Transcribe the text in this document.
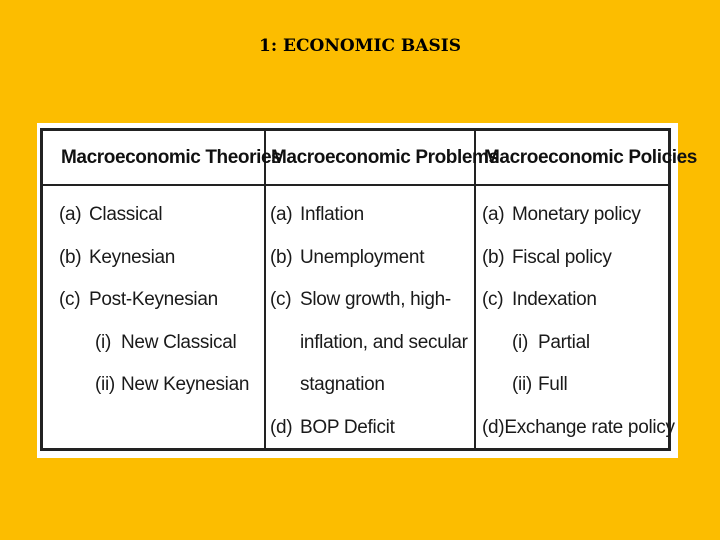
1: ECONOMIC BASIS
Macroeconomic Theories
(a) Classical
(b) Keynesian
(c) Post-Keynesian
(i) New Classical
(ii) New Keynesian
Macroeconomic Problems
(a) Inflation
(b) Unemployment
(c) Slow growth, high-
inflation, and secular
stagnation
(d) BOP Deficit
Macroeconomic Policies
(a) Monetary policy
(b) Fiscal policy
(c) Indexation
(i) Partial
(ii) Full
(d) Exchange rate policy
